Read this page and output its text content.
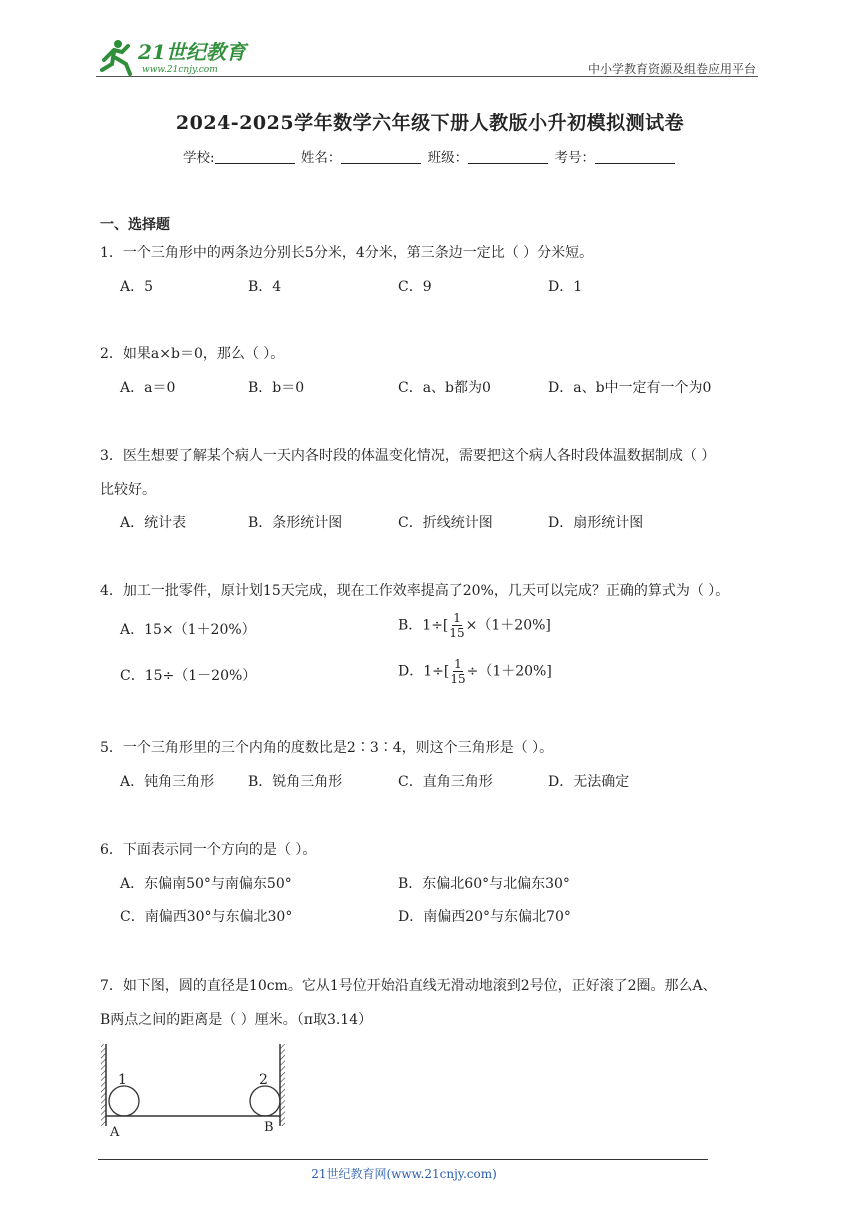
21世纪教育
www.21cnjy.com	中小学教育资源及组卷应用平台
2024-2025学年数学六年级下册人教版小升初模拟测试卷
学校:	姓名：	班级：	考号：
一、选择题
1．一个三角形中的两条边分别长5分米，4分米，第三条边一定比（ ）分米短。
A．5	B．4	C．9	D．1
2．如果a×b＝0，那么（ ）。
A．a＝0	B．b＝0	C．a、b都为0	D．a、b中一定有一个为0
3．医生想要了解某个病人一天内各时段的体温变化情况，需要把这个病人各时段体温数据制成（ ）
比较好。
A．统计表	B．条形统计图	C．折线统计图	D．扇形统计图
4．加工一批零件，原计划15天完成，现在工作效率提高了20%，几天可以完成？正确的算式为（ ）。
A．15×（1＋20%）	B．$1\div[ \frac{1}{15} \times(1+20\%]$
C．15÷（1－20%）	D．$1\div[ \frac{1}{15} \div(1+20\%]$
5．一个三角形里的三个内角的度数比是2∶3∶4，则这个三角形是（ ）。
A．钝角三角形 B．锐角三角形	C．直角三角形	D．无法确定
6．下面表示同一个方向的是（ ）。
A．东偏南50°与南偏东50°	B．东偏北60°与北偏东30°
C．南偏西30°与东偏北30°	D．南偏西20°与东偏北70°
7．如下图，圆的直径是10cm。它从1号位开始沿直线无滑动地滚到2号位，正好滚了2圈。那么A、
B两点之间的距离是（ ）厘米。（π取3.14）
1	2
A	B
21世纪教育网(www.21cnjy.com)
